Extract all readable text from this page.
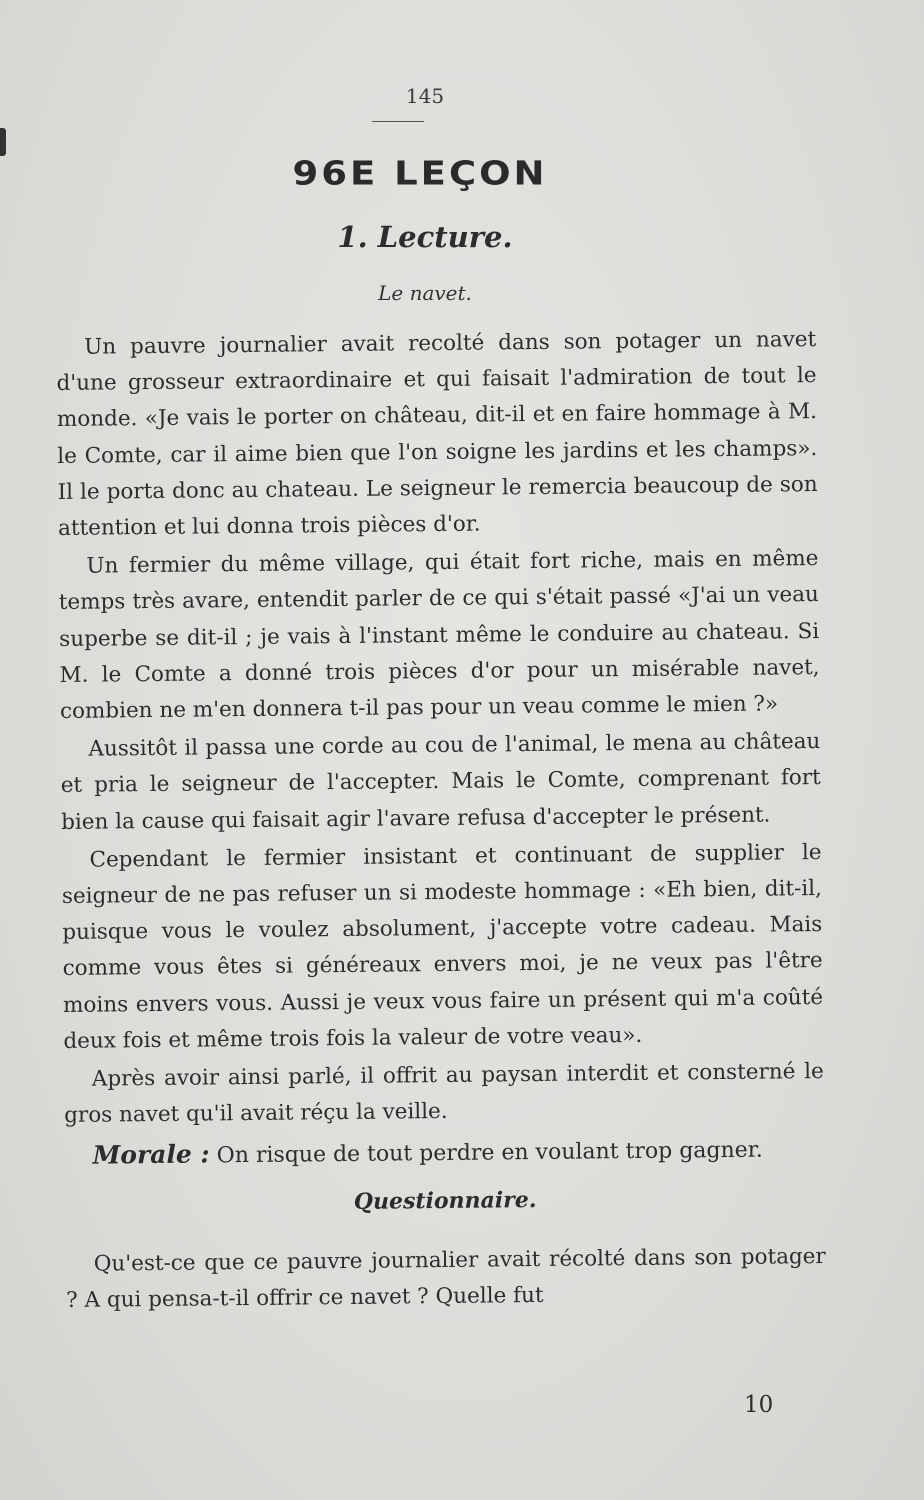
145
96E LEÇON
1. Lecture.
Le navet.

Un pauvre journalier avait recolté dans son potager un navet d'une grosseur extraordinaire et qui faisait l'admiration de tout le monde. «Je vais le porter on château, dit-il et en faire hommage à M. le Comte, car il aime bien que l'on soigne les jardins et les champs». Il le porta donc au chateau. Le seigneur le remercia beaucoup de son attention et lui donna trois pièces d'or.

Un fermier du même village, qui était fort riche, mais en même temps très avare, entendit parler de ce qui s'était passé «J'ai un veau superbe se dit-il ; je vais à l'instant même le conduire au chateau. Si M. le Comte a donné trois pièces d'or pour un misérable navet, combien ne m'en donnera t-il pas pour un veau comme le mien ?»

Aussitôt il passa une corde au cou de l'animal, le mena au château et pria le seigneur de l'accepter. Mais le Comte, comprenant fort bien la cause qui faisait agir l'avare refusa d'accepter le présent.

Cependant le fermier insistant et continuant de supplier le seigneur de ne pas refuser un si modeste hommage : «Eh bien, dit-il, puisque vous le voulez absolument, j'accepte votre cadeau. Mais comme vous êtes si généreaux envers moi, je ne veux pas l'être moins envers vous. Aussi je veux vous faire un présent qui m'a coûté deux fois et même trois fois la valeur de votre veau».

Après avoir ainsi parlé, il offrit au paysan interdit et consterné le gros navet qu'il avait réçu la veille.

Morale : On risque de tout perdre en voulant trop gagner.

Questionnaire.

Qu'est-ce que ce pauvre journalier avait récolté dans son potager ? A qui pensa-t-il offrir ce navet ? Quelle fut

10
